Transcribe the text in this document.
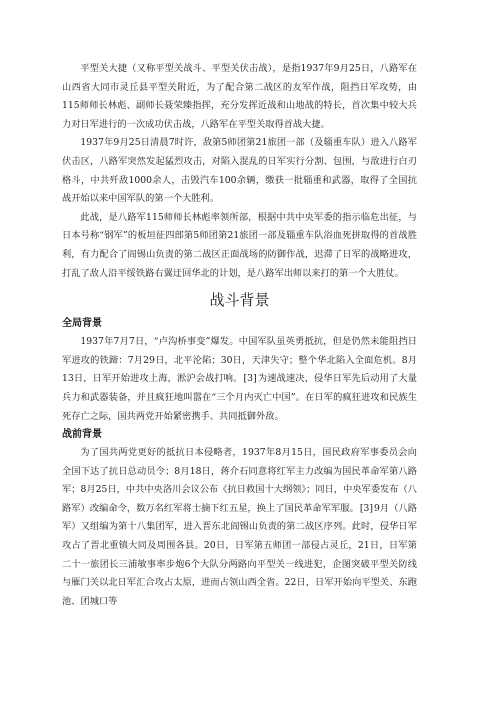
平型关大捷（又称平型关战斗、平型关伏击战），是指1937年9月25日，八路军在山西省大同市灵丘县平型关附近，为了配合第二战区的友军作战，阻挡日军攻势，由115师师长林彪、副师长聂荣臻指挥，充分发挥近战和山地战的特长，首次集中较大兵力对日军进行的一次成功伏击战，八路军在平型关取得首战大捷。

1937年9月25日清晨7时许，敌第5师团第21旅团一部（及辎重车队）进入八路军伏击区，八路军突然发起猛烈攻击，对陷入混乱的日军实行分割、包围，与敌进行白刃格斗，中共歼敌1000余人，击毁汽车100余辆，缴获一批辎重和武器，取得了全国抗战开始以来中国军队的第一个大胜利。

此战，是八路军115师师长林彪率领所部，根据中共中央军委的指示临危出征，与日本号称“钢军”的板垣征四郎第5师团第21旅团一部及辎重车队浴血死拼取得的首战胜利，有力配合了阎锡山负责的第二战区正面战场的防御作战，迟滞了日军的战略进攻，打乱了敌人沿平绥铁路右翼迂回华北的计划，是八路军出师以来打的第一个大胜仗。

战斗背景
全局背景

1937年7月7日，“卢沟桥事变”爆发。中国军队虽英勇抵抗，但是仍然未能阻挡日军进攻的铁蹄：7月29日，北平沦陷；30日，天津失守；整个华北陷入全面危机。8月13日，日军开始进攻上海，淞沪会战打响。[3]为速战速决，侵华日军先后动用了大量兵力和武器装备，并且疯狂地叫嚣在“三个月内灭亡中国”。在日军的疯狂进攻和民族生死存亡之际，国共两党开始紧密携手、共同抵御外敌。

战前背景

为了国共两党更好的抵抗日本侵略者，1937年8月15日，国民政府军事委员会向全国下达了抗日总动员令；8月18日，蒋介石同意将红军主力改编为国民革命军第八路军；8月25日，中共中央洛川会议公布《抗日救国十大纲领》；同日，中央军委发布（八路军）改编命令，数万名红军将士摘下红五星，换上了国民革命军军服。[3]9月（八路军）又组编为第十八集团军，进入晋东北阎锡山负责的第二战区序列。此时，侵华日军攻占了晋北重镇大同及周围各县。20日，日军第五师团一部侵占灵丘，21日，日军第二十一旅团长三浦敏事率步炮6个大队分两路向平型关一线进犯，企图突破平型关防线与雁门关以北日军汇合攻占太原，进而占领山西全省。22日，日军开始向平型关、东跑池、团城口等
